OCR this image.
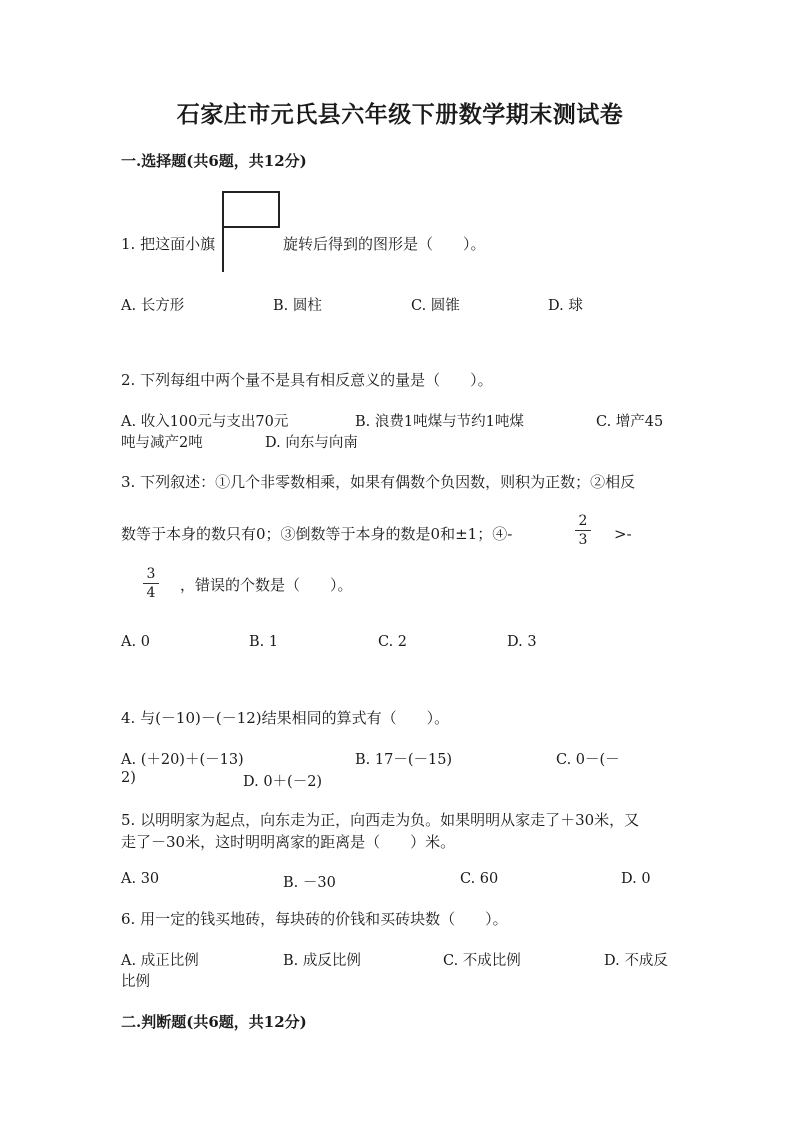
石家庄市元氏县六年级下册数学期末测试卷
一.选择题(共6题，共12分)
1. 把这面小旗	旋转后得到的图形是（　　）。
A. 长方形	B. 圆柱	C. 圆锥	D. 球
2. 下列每组中两个量不是具有相反意义的量是（　　）。
A. 收入100元与支出70元	B. 浪费1吨煤与节约1吨煤	C. 增产45
吨与减产2吨	D. 向东与向南
3. 下列叙述：①几个非零数相乘，如果有偶数个负因数，则积为正数；②相反
数等于本身的数只有0；③倒数等于本身的数是0和±1；④-
2
3 >-
3
4 ，错误的个数是（　　）。
A. 0	B. 1	C. 2	D. 3
4. 与(－10)－(－12)结果相同的算式有（　　）。
A. (＋20)＋(－13)	B. 17－(－15)	C. 0－(－
2)	D. 0＋(－2)
5. 以明明家为起点，向东走为正，向西走为负。如果明明从家走了＋30米，又
走了－30米，这时明明离家的距离是（　　）米。
A. 30	B. －30	C. 60	D. 0
6. 用一定的钱买地砖，每块砖的价钱和买砖块数（　　）。
A. 成正比例	B. 成反比例	C. 不成比例	D. 不成反
比例
二.判断题(共6题，共12分)
